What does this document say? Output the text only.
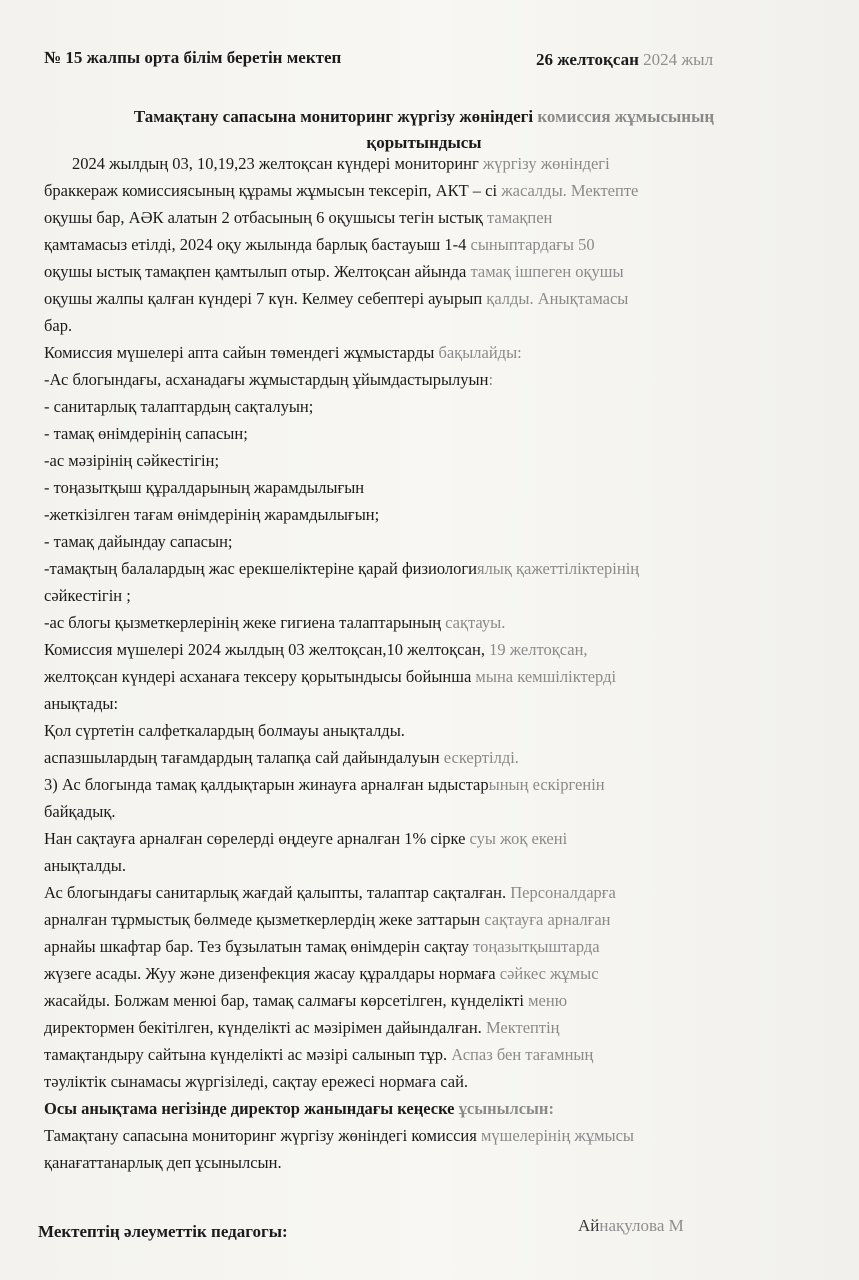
№ 15 жалпы орта білім беретін мектеп	26 желтоқсан 2024 жыл
Тамақтану сапасына мониторинг жүргізу жөніндегі комиссия жұмысының
қорытындысы
2024 жылдың 03, 10,19,23 желтоқсан күндері мониторинг жүргізу жөніндегі
браккераж комиссиясының құрамы жұмысын тексеріп, АКТ – сі жасалды. Мектепте
оқушы бар, АӘК алатын 2 отбасының 6 оқушысы тегін ыстық тамақпен
қамтамасыз етілді, 2024 оқу жылында барлық бастауыш 1-4 сыныптардағы 50
оқушы ыстық тамақпен қамтылып отыр. Желтоқсан айында тамақ ішпеген оқушы
оқушы жалпы қалған күндері 7 күн. Келмеу себептері ауырып қалды. Анықтамасы
бар.
Комиссия мүшелері апта сайын төмендегі жұмыстарды бақылайды:
-Ас блогындағы, асханадағы жұмыстардың ұйымдастырылуын:
- санитарлық талаптардың сақталуын;
- тамақ өнімдерінің сапасын;
-ас мәзірінің сәйкестігін;
- тоңазытқыш құралдарының жарамдылығын
-жеткізілген тағам өнімдерінің жарамдылығын;
- тамақ дайындау сапасын;
-тамақтың балалардың жас ерекшеліктеріне қарай физиологиялық қажеттіліктерінің
сәйкестігін ;
-ас блогы қызметкерлерінің жеке гигиена талаптарының сақтауы.
Комиссия мүшелері 2024 жылдың 03 желтоқсан,10 желтоқсан, 19 желтоқсан,
желтоқсан күндері асханаға тексеру қорытындысы бойынша мына кемшіліктерді
анықтады:
Қол сүртетін салфеткалардың болмауы анықталды.
аспазшылардың тағамдардың талапқа сай дайындалуын ескертілді.
3) Ас блогында тамақ қалдықтарын жинауға арналған ыдыстарының ескіргенін
байқадық.
Нан сақтауға арналған сөрелерді өңдеуге арналған 1% сірке суы жоқ екені
анықталды.
Ас блогындағы санитарлық жағдай қалыпты, талаптар сақталған. Персоналдарға
арналған тұрмыстық бөлмеде қызметкерлердің жеке заттарын сақтауға арналған
арнайы шкафтар бар. Тез бұзылатын тамақ өнімдерін сақтау тоңазытқыштарда
жүзеге асады. Жуу және дизенфекция жасау құралдары нормаға сәйкес жұмыс
жасайды. Болжам менюі бар, тамақ салмағы көрсетілген, күнделікті меню
директормен бекітілген, күнделікті ас мәзірімен дайындалған. Мектептің
тамақтандыру сайтына күнделікті ас мәзірі салынып тұр. Аспаз бен тағамның
тәуліктік сынамасы жүргізіледі, сақтау ережесі нормаға сай.
Осы анықтама негізінде директор жанындағы кеңеске ұсынылсын:
Тамақтану сапасына мониторинг жүргізу жөніндегі комиссия мүшелерінің жұмысы
қанағаттанарлық деп ұсынылсын.
Мектептің әлеуметтік педагогы:	Айнақулова М
